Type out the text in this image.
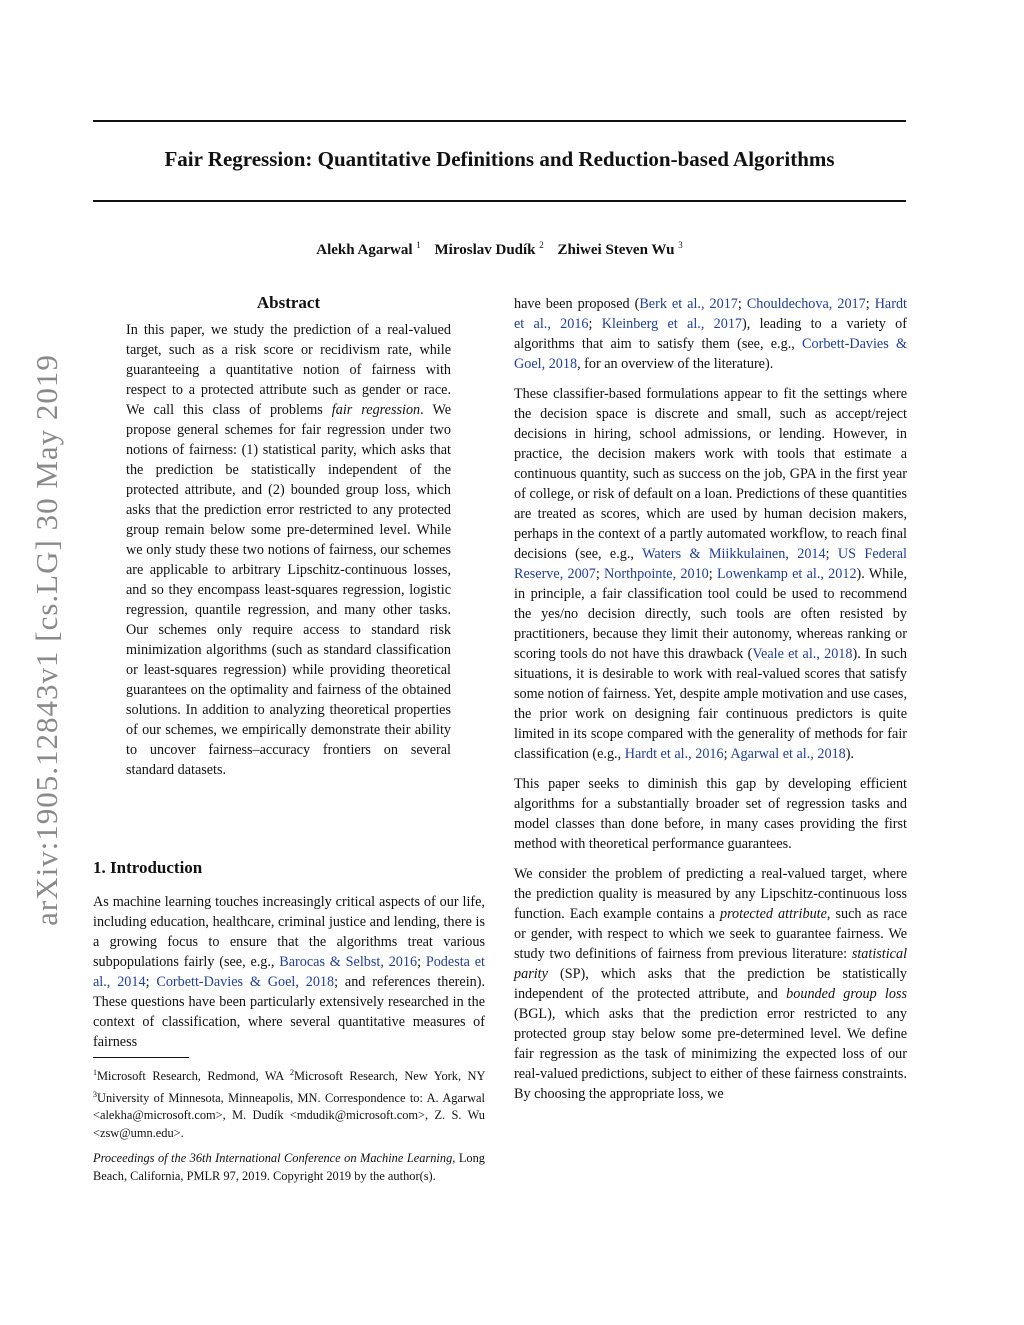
Fair Regression: Quantitative Definitions and Reduction-based Algorithms
Alekh Agarwal $^1$ Miroslav Dudík $^2$ Zhiwei Steven Wu $^3$
arXiv:1905.12843v1 [cs.LG] 30 May 2019
Abstract

In this paper, we study the prediction of a real-valued target, such as a risk score or recidivism rate, while guaranteeing a quantitative notion of fairness with respect to a protected attribute such as gender or race. We call this class of problems fair regression. We propose general schemes for fair regression under two notions of fairness: (1) statistical parity, which asks that the prediction be statistically independent of the protected attribute, and (2) bounded group loss, which asks that the prediction error restricted to any protected group remain below some pre-determined level. While we only study these two notions of fairness, our schemes are applicable to arbitrary Lipschitz-continuous losses, and so they encompass least-squares regression, logistic regression, quantile regression, and many other tasks. Our schemes only require access to standard risk minimization algorithms (such as standard classification or least-squares regression) while providing theoretical guarantees on the optimality and fairness of the obtained solutions. In addition to analyzing theoretical properties of our schemes, we empirically demonstrate their ability to uncover fairness–accuracy frontiers on several standard datasets.

1. Introduction

As machine learning touches increasingly critical aspects of our life, including education, healthcare, criminal justice and lending, there is a growing focus to ensure that the algorithms treat various subpopulations fairly (see, e.g., Barocas & Selbst, 2016; Podesta et al., 2014; Corbett-Davies & Goel, 2018; and references therein). These questions have been particularly extensively researched in the context of classification, where several quantitative measures of fairness

$^1$Microsoft Research, Redmond, WA $^2$Microsoft Research, New York, NY $^3$University of Minnesota, Minneapolis, MN. Correspondence to: A. Agarwal <alekha@microsoft.com>, M. Dudík <mdudik@microsoft.com>, Z. S. Wu <zsw@umn.edu>.

Proceedings of the 36th International Conference on Machine Learning, Long Beach, California, PMLR 97, 2019. Copyright 2019 by the author(s).

have been proposed (Berk et al., 2017; Chouldechova, 2017; Hardt et al., 2016; Kleinberg et al., 2017), leading to a variety of algorithms that aim to satisfy them (see, e.g., Corbett-Davies & Goel, 2018, for an overview of the literature).

These classifier-based formulations appear to fit the settings where the decision space is discrete and small, such as accept/reject decisions in hiring, school admissions, or lending. However, in practice, the decision makers work with tools that estimate a continuous quantity, such as success on the job, GPA in the first year of college, or risk of default on a loan. Predictions of these quantities are treated as scores, which are used by human decision makers, perhaps in the context of a partly automated workflow, to reach final decisions (see, e.g., Waters & Miikkulainen, 2014; US Federal Reserve, 2007; Northpointe, 2010; Lowenkamp et al., 2012). While, in principle, a fair classification tool could be used to recommend the yes/no decision directly, such tools are often resisted by practitioners, because they limit their autonomy, whereas ranking or scoring tools do not have this drawback (Veale et al., 2018). In such situations, it is desirable to work with real-valued scores that satisfy some notion of fairness. Yet, despite ample motivation and use cases, the prior work on designing fair continuous predictors is quite limited in its scope compared with the generality of methods for fair classification (e.g., Hardt et al., 2016; Agarwal et al., 2018).

This paper seeks to diminish this gap by developing efficient algorithms for a substantially broader set of regression tasks and model classes than done before, in many cases providing the first method with theoretical performance guarantees.

We consider the problem of predicting a real-valued target, where the prediction quality is measured by any Lipschitz-continuous loss function. Each example contains a protected attribute, such as race or gender, with respect to which we seek to guarantee fairness. We study two definitions of fairness from previous literature: statistical parity (SP), which asks that the prediction be statistically independent of the protected attribute, and bounded group loss (BGL), which asks that the prediction error restricted to any protected group stay below some pre-determined level. We define fair regression as the task of minimizing the expected loss of our real-valued predictions, subject to either of these fairness constraints. By choosing the appropriate loss, we
